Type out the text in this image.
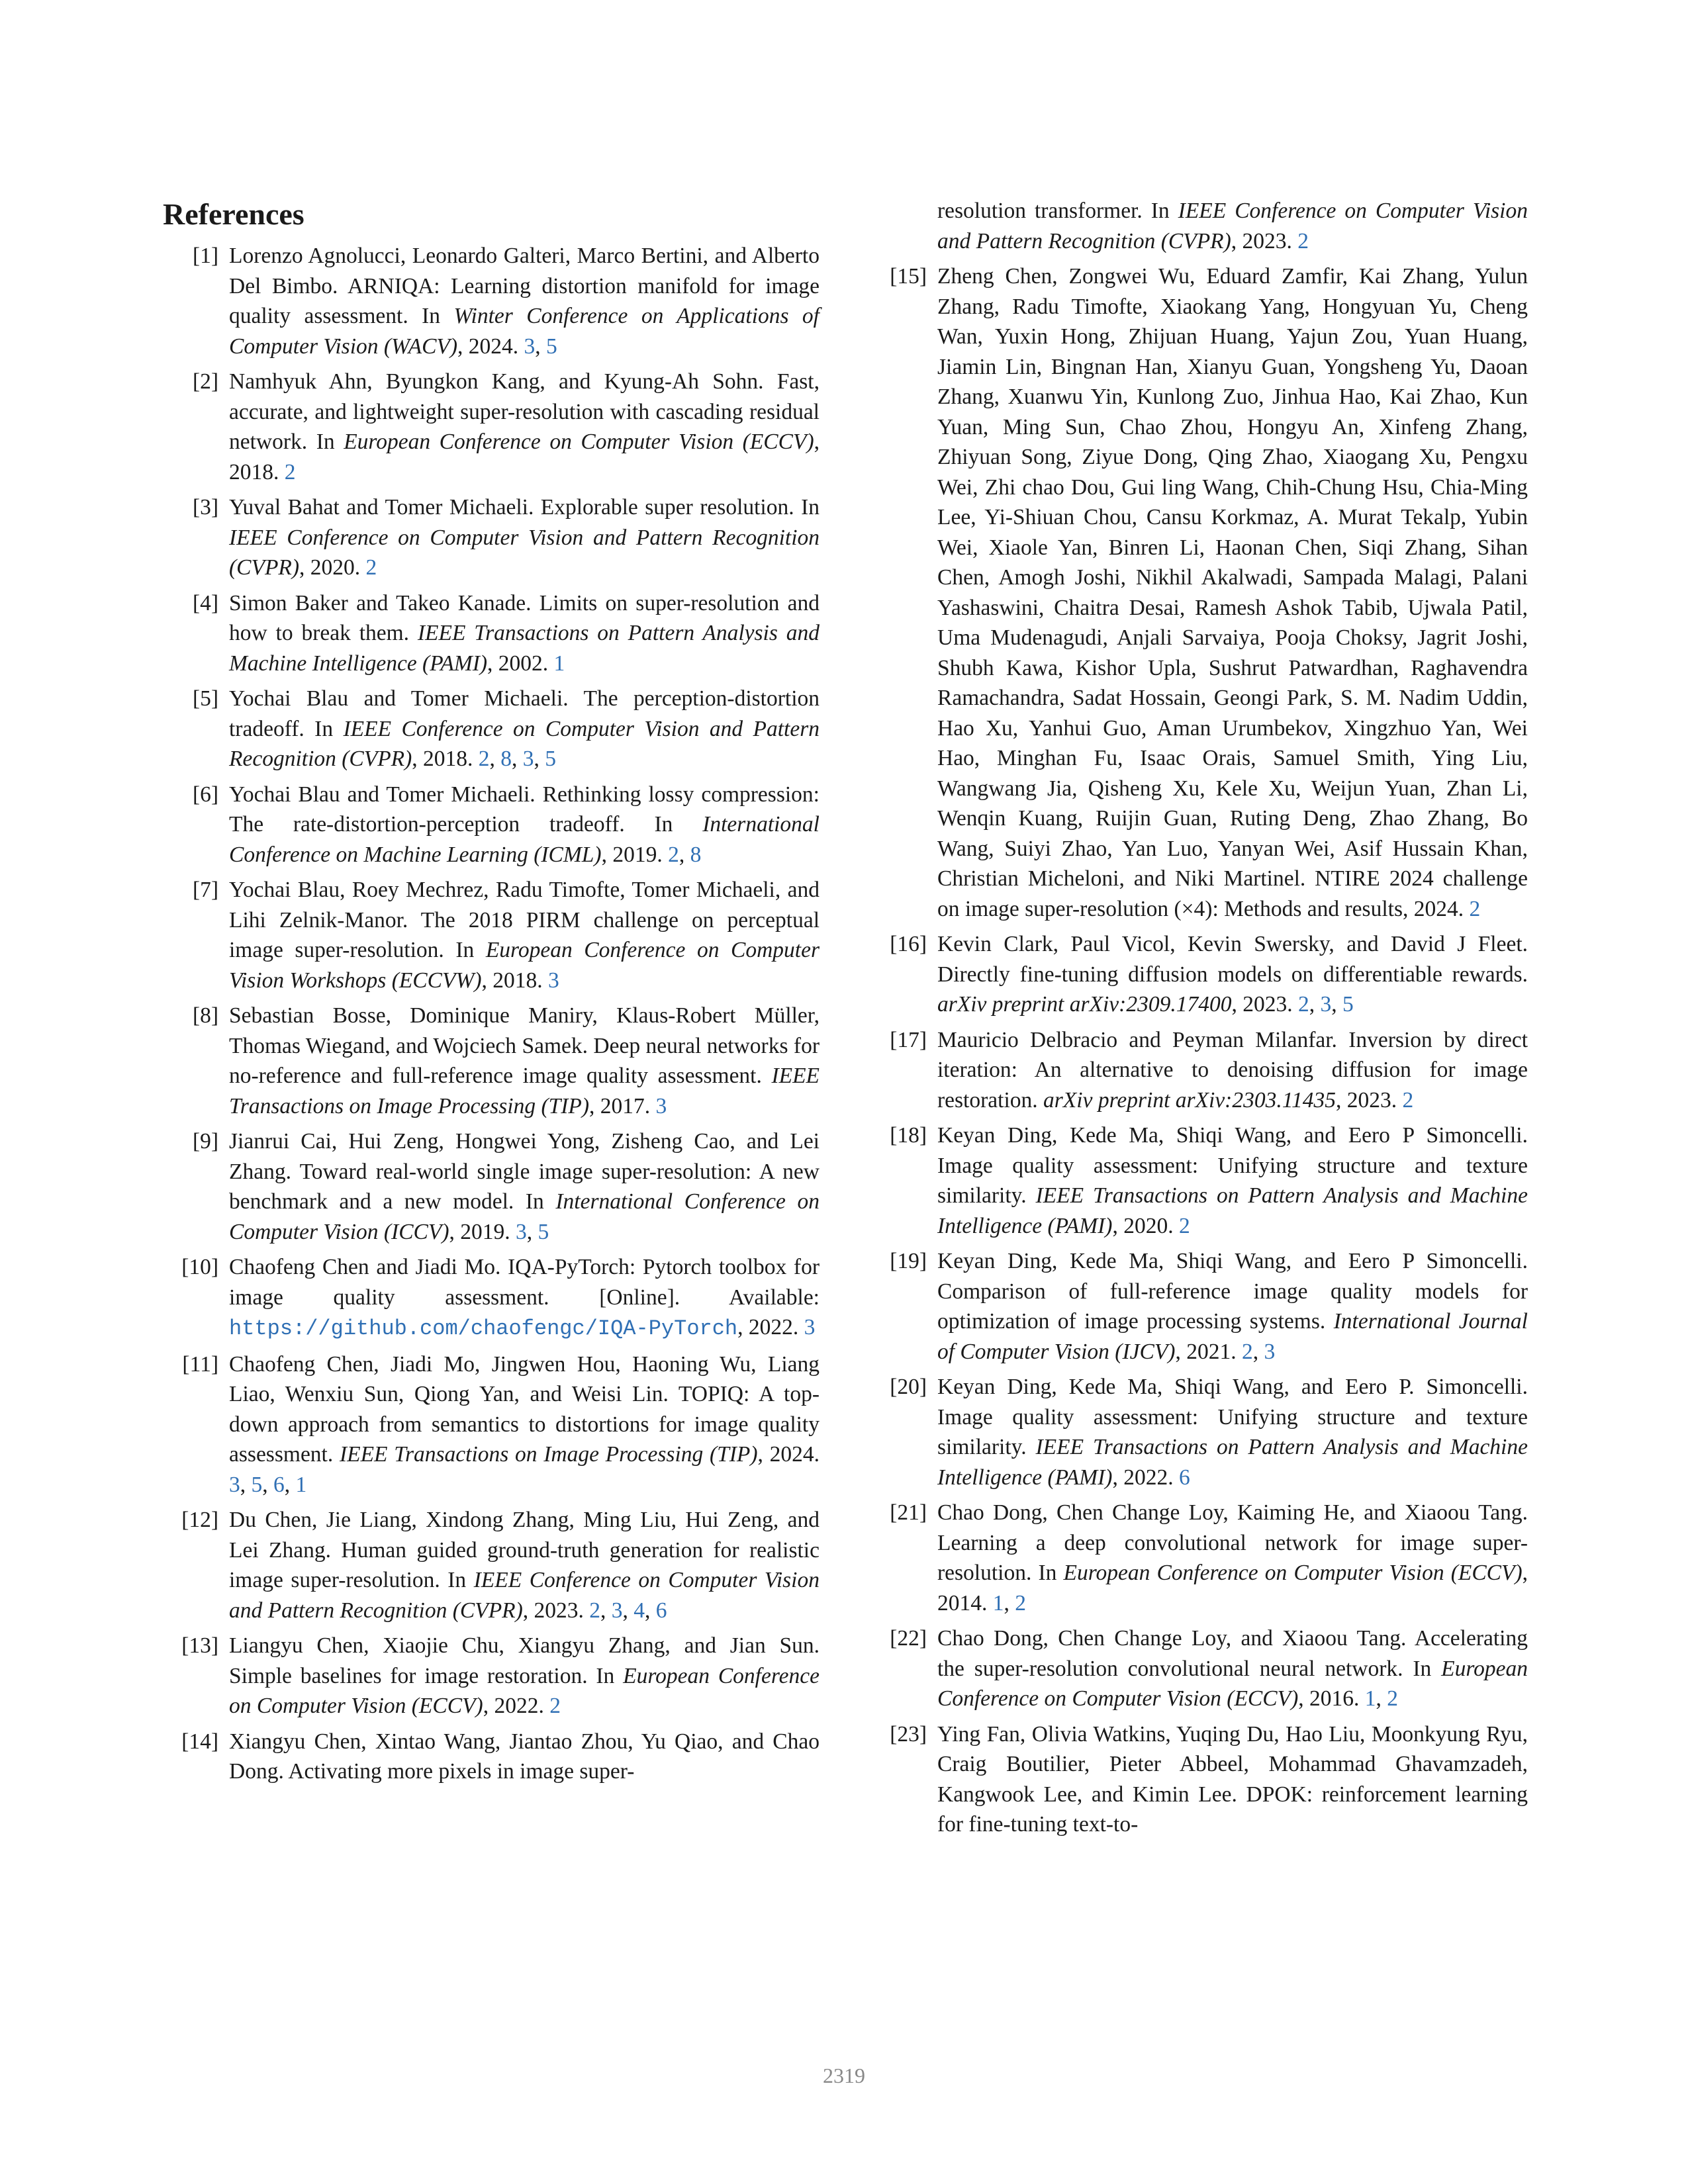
References
[1] Lorenzo Agnolucci, Leonardo Galteri, Marco Bertini, and Alberto Del Bimbo. ARNIQA: Learning distortion manifold for image quality assessment. In Winter Conference on Applications of Computer Vision (WACV), 2024. 3, 5
[2] Namhyuk Ahn, Byungkon Kang, and Kyung-Ah Sohn. Fast, accurate, and lightweight super-resolution with cascading residual network. In European Conference on Computer Vision (ECCV), 2018. 2
[3] Yuval Bahat and Tomer Michaeli. Explorable super resolution. In IEEE Conference on Computer Vision and Pattern Recognition (CVPR), 2020. 2
[4] Simon Baker and Takeo Kanade. Limits on super-resolution and how to break them. IEEE Transactions on Pattern Analysis and Machine Intelligence (PAMI), 2002. 1
[5] Yochai Blau and Tomer Michaeli. The perception-distortion tradeoff. In IEEE Conference on Computer Vision and Pattern Recognition (CVPR), 2018. 2, 8, 3, 5
[6] Yochai Blau and Tomer Michaeli. Rethinking lossy compression: The rate-distortion-perception tradeoff. In International Conference on Machine Learning (ICML), 2019. 2, 8
[7] Yochai Blau, Roey Mechrez, Radu Timofte, Tomer Michaeli, and Lihi Zelnik-Manor. The 2018 PIRM challenge on perceptual image super-resolution. In European Conference on Computer Vision Workshops (ECCVW), 2018. 3
[8] Sebastian Bosse, Dominique Maniry, Klaus-Robert Müller, Thomas Wiegand, and Wojciech Samek. Deep neural networks for no-reference and full-reference image quality assessment. IEEE Transactions on Image Processing (TIP), 2017. 3
[9] Jianrui Cai, Hui Zeng, Hongwei Yong, Zisheng Cao, and Lei Zhang. Toward real-world single image super-resolution: A new benchmark and a new model. In International Conference on Computer Vision (ICCV), 2019. 3, 5
[10] Chaofeng Chen and Jiadi Mo. IQA-PyTorch: Pytorch toolbox for image quality assessment. [Online]. Available: https://github.com/chaofengc/IQA-PyTorch, 2022. 3
[11] Chaofeng Chen, Jiadi Mo, Jingwen Hou, Haoning Wu, Liang Liao, Wenxiu Sun, Qiong Yan, and Weisi Lin. TOPIQ: A top-down approach from semantics to distortions for image quality assessment. IEEE Transactions on Image Processing (TIP), 2024. 3, 5, 6, 1
[12] Du Chen, Jie Liang, Xindong Zhang, Ming Liu, Hui Zeng, and Lei Zhang. Human guided ground-truth generation for realistic image super-resolution. In IEEE Conference on Computer Vision and Pattern Recognition (CVPR), 2023. 2, 3, 4, 6
[13] Liangyu Chen, Xiaojie Chu, Xiangyu Zhang, and Jian Sun. Simple baselines for image restoration. In European Conference on Computer Vision (ECCV), 2022. 2
[14] Xiangyu Chen, Xintao Wang, Jiantao Zhou, Yu Qiao, and Chao Dong. Activating more pixels in image super-
resolution transformer. In IEEE Conference on Computer Vision and Pattern Recognition (CVPR), 2023. 2
[15] Zheng Chen, Zongwei Wu, Eduard Zamfir, Kai Zhang, Yulun Zhang, Radu Timofte, Xiaokang Yang, Hongyuan Yu, Cheng Wan, Yuxin Hong, Zhijuan Huang, Yajun Zou, Yuan Huang, Jiamin Lin, Bingnan Han, Xianyu Guan, Yongsheng Yu, Daoan Zhang, Xuanwu Yin, Kunlong Zuo, Jinhua Hao, Kai Zhao, Kun Yuan, Ming Sun, Chao Zhou, Hongyu An, Xinfeng Zhang, Zhiyuan Song, Ziyue Dong, Qing Zhao, Xiaogang Xu, Pengxu Wei, Zhi chao Dou, Gui ling Wang, Chih-Chung Hsu, Chia-Ming Lee, Yi-Shiuan Chou, Cansu Korkmaz, A. Murat Tekalp, Yubin Wei, Xiaole Yan, Binren Li, Haonan Chen, Siqi Zhang, Sihan Chen, Amogh Joshi, Nikhil Akalwadi, Sampada Malagi, Palani Yashaswini, Chaitra Desai, Ramesh Ashok Tabib, Ujwala Patil, Uma Mudenagudi, Anjali Sarvaiya, Pooja Choksy, Jagrit Joshi, Shubh Kawa, Kishor Upla, Sushrut Patwardhan, Raghavendra Ramachandra, Sadat Hossain, Geongi Park, S. M. Nadim Uddin, Hao Xu, Yanhui Guo, Aman Urumbekov, Xingzhuo Yan, Wei Hao, Minghan Fu, Isaac Orais, Samuel Smith, Ying Liu, Wangwang Jia, Qisheng Xu, Kele Xu, Weijun Yuan, Zhan Li, Wenqin Kuang, Ruijin Guan, Ruting Deng, Zhao Zhang, Bo Wang, Suiyi Zhao, Yan Luo, Yanyan Wei, Asif Hussain Khan, Christian Micheloni, and Niki Martinel. NTIRE 2024 challenge on image super-resolution (×4): Methods and results, 2024. 2
[16] Kevin Clark, Paul Vicol, Kevin Swersky, and David J Fleet. Directly fine-tuning diffusion models on differentiable rewards. arXiv preprint arXiv:2309.17400, 2023. 2, 3, 5
[17] Mauricio Delbracio and Peyman Milanfar. Inversion by direct iteration: An alternative to denoising diffusion for image restoration. arXiv preprint arXiv:2303.11435, 2023. 2
[18] Keyan Ding, Kede Ma, Shiqi Wang, and Eero P Simoncelli. Image quality assessment: Unifying structure and texture similarity. IEEE Transactions on Pattern Analysis and Machine Intelligence (PAMI), 2020. 2
[19] Keyan Ding, Kede Ma, Shiqi Wang, and Eero P Simoncelli. Comparison of full-reference image quality models for optimization of image processing systems. International Journal of Computer Vision (IJCV), 2021. 2, 3
[20] Keyan Ding, Kede Ma, Shiqi Wang, and Eero P. Simoncelli. Image quality assessment: Unifying structure and texture similarity. IEEE Transactions on Pattern Analysis and Machine Intelligence (PAMI), 2022. 6
[21] Chao Dong, Chen Change Loy, Kaiming He, and Xiaoou Tang. Learning a deep convolutional network for image super-resolution. In European Conference on Computer Vision (ECCV), 2014. 1, 2
[22] Chao Dong, Chen Change Loy, and Xiaoou Tang. Accelerating the super-resolution convolutional neural network. In European Conference on Computer Vision (ECCV), 2016. 1, 2
[23] Ying Fan, Olivia Watkins, Yuqing Du, Hao Liu, Moonkyung Ryu, Craig Boutilier, Pieter Abbeel, Mohammad Ghavamzadeh, Kangwook Lee, and Kimin Lee. DPOK: reinforcement learning for fine-tuning text-to-
2319
